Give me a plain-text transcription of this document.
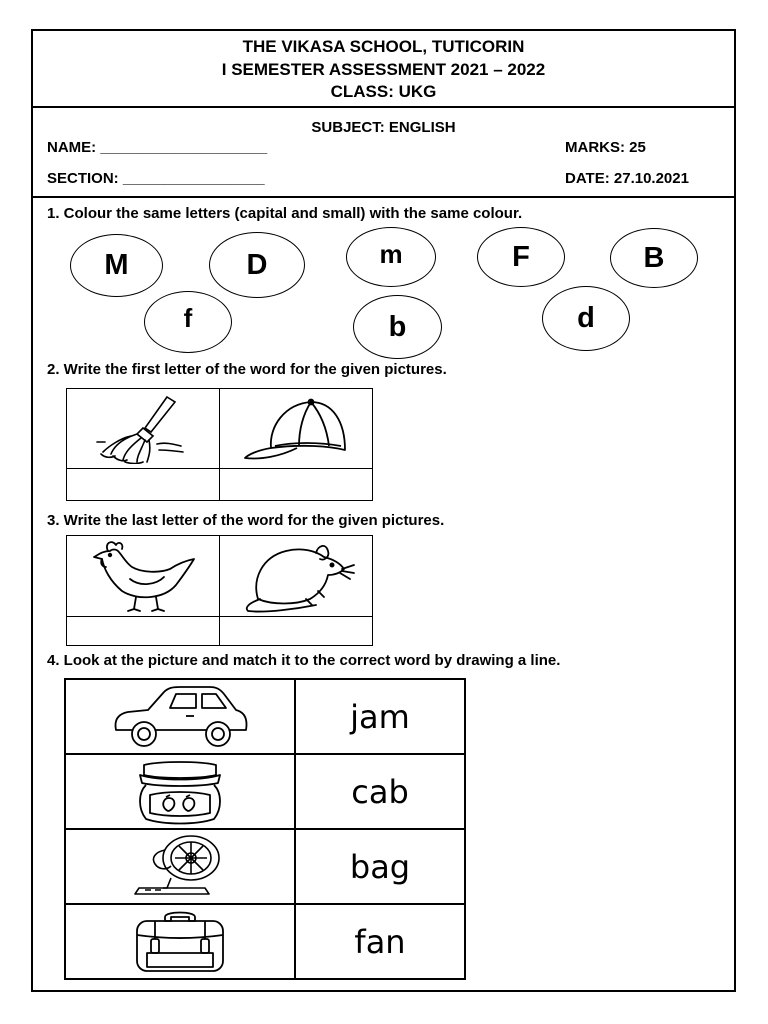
THE VIKASA SCHOOL, TUTICORIN
I SEMESTER ASSESSMENT 2021 – 2022
CLASS: UKG
SUBJECT: ENGLISH
NAME: ____________________	MARKS: 25
SECTION: _________________	DATE: 27.10.2021
1. Colour the same letters (capital and small) with the same colour.
M	D	m	F	B
f	b	d
2. Write the first letter of the word for the given pictures.

3. Write the last letter of the word for the given pictures.

4. Look at the picture and match it to the correct word by drawing a line.
	jam

	cab

	bag

	fan
